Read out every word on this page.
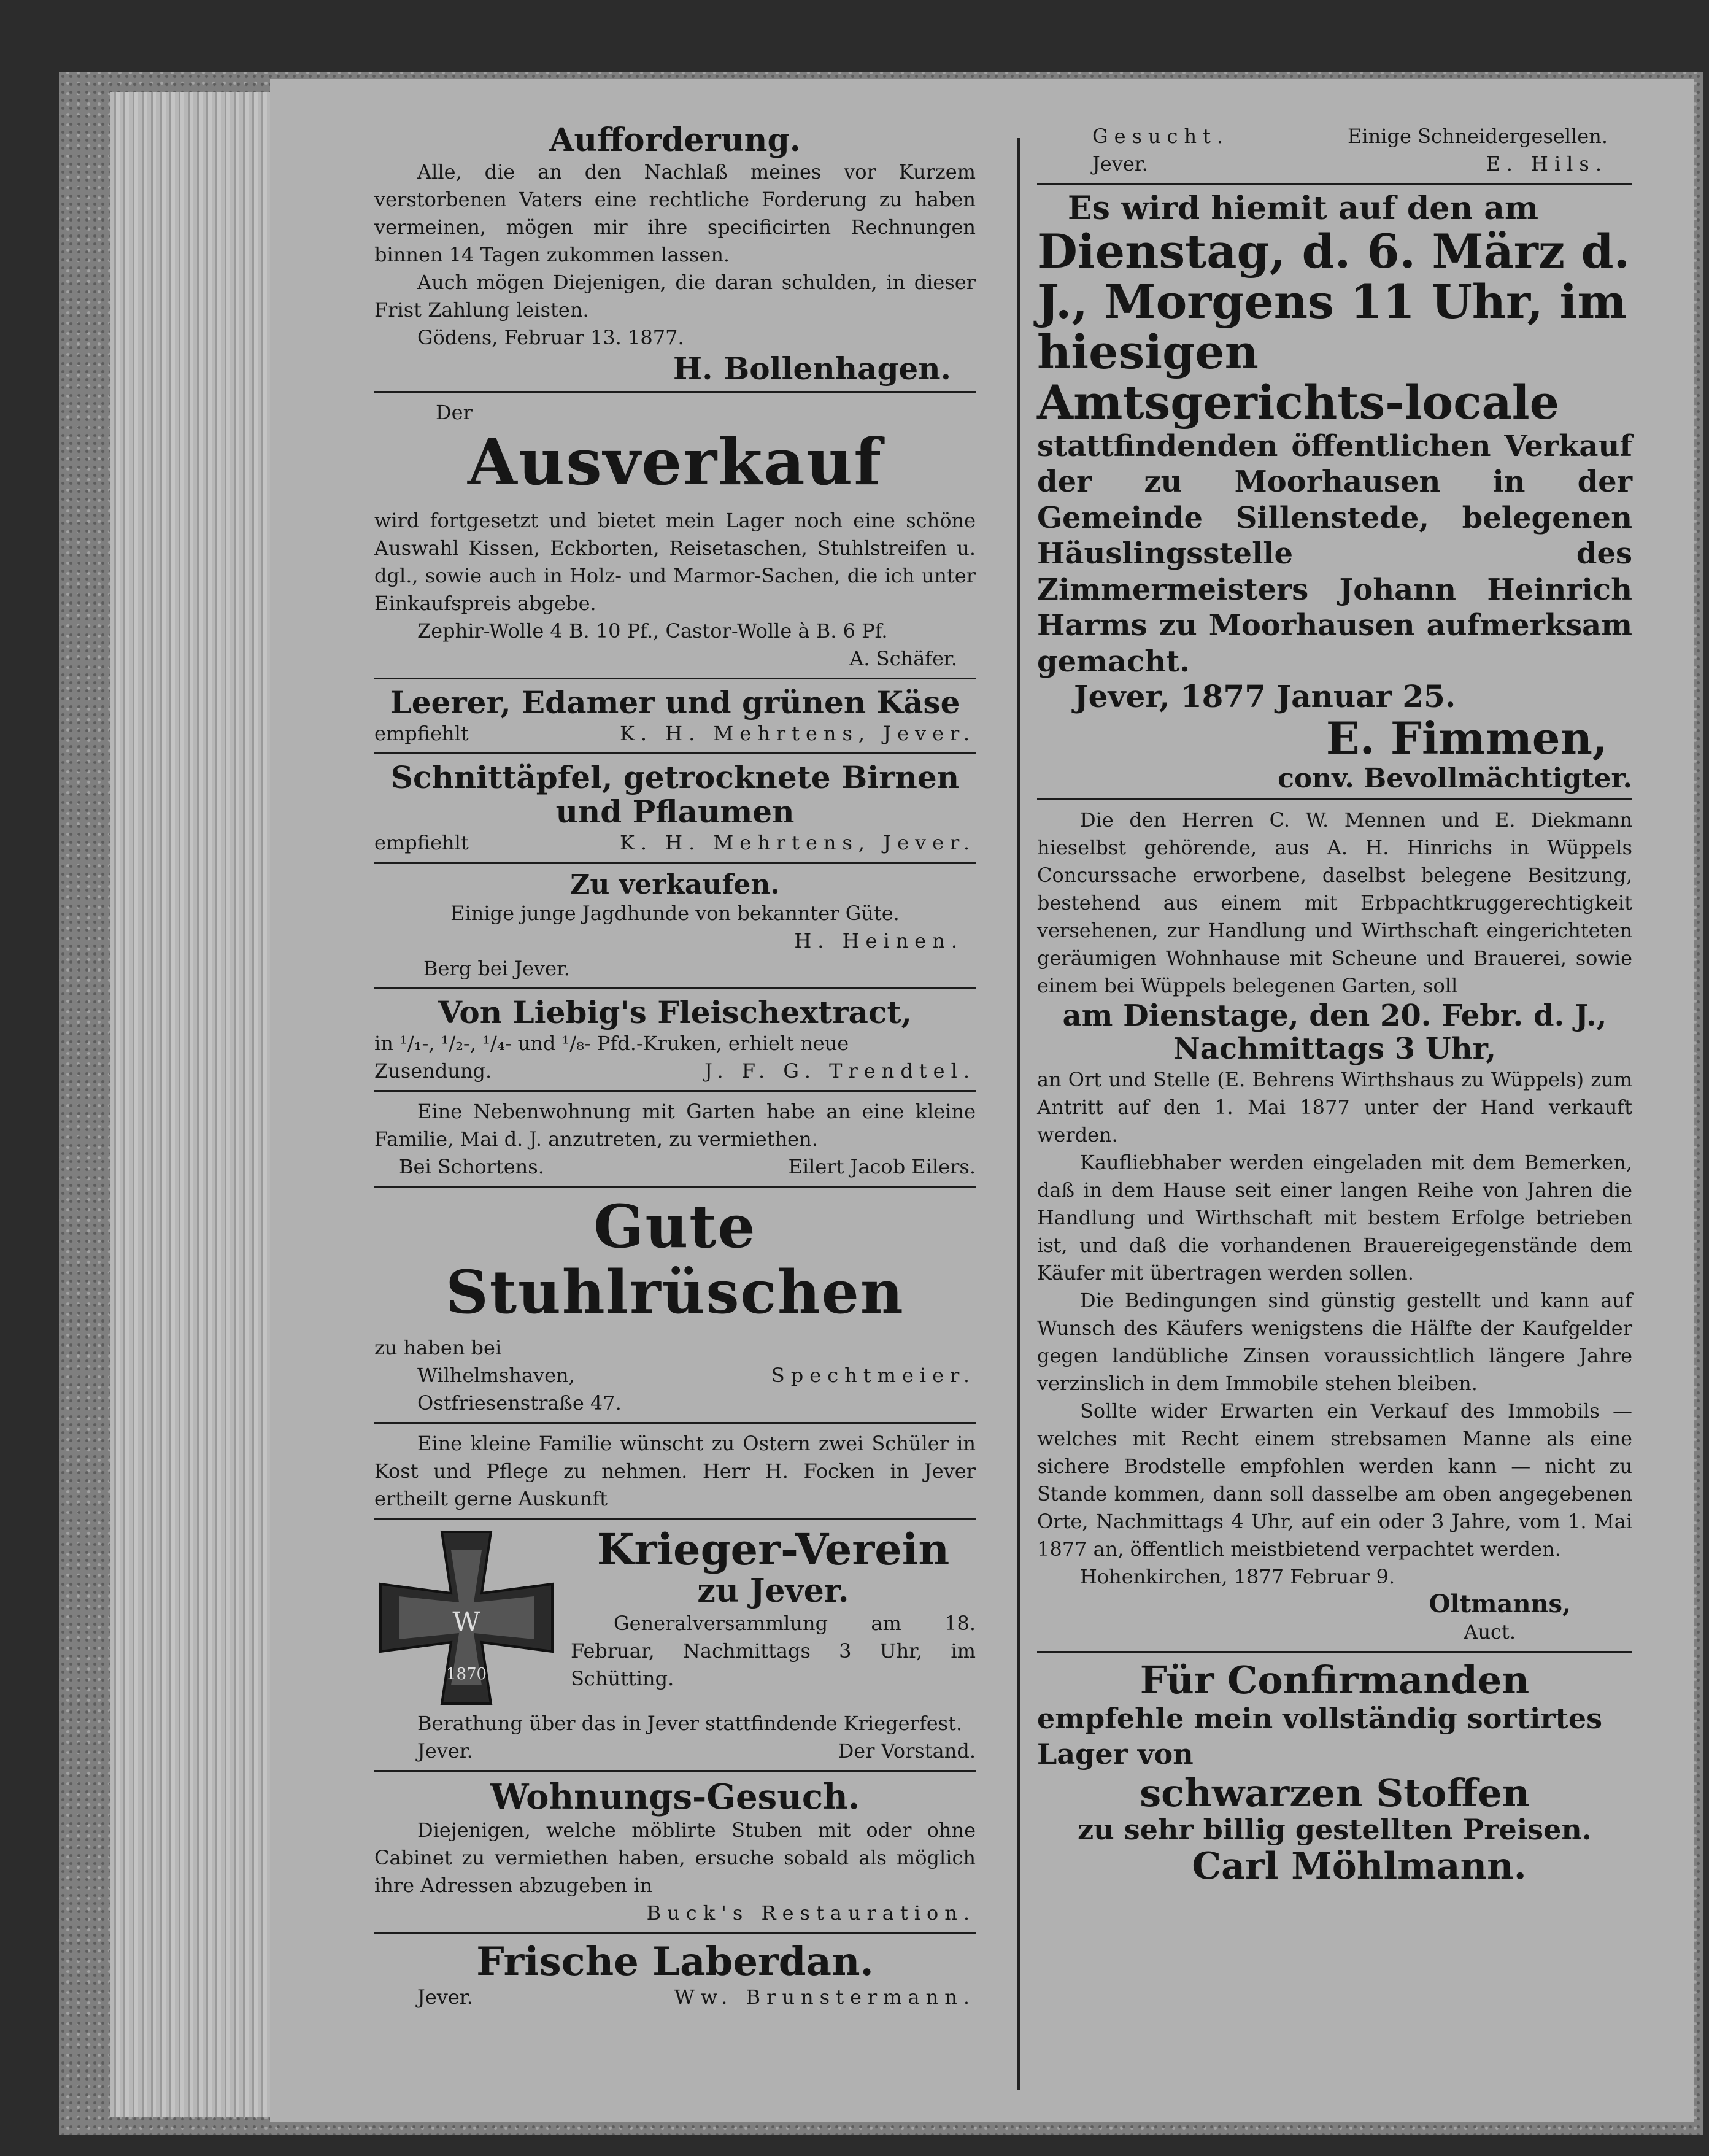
Aufforderung.
Alle, die an den Nachlaß meines vor Kurzem verstorbenen Vaters eine rechtliche Forderung zu haben vermeinen, mögen mir ihre specificirten Rechnungen binnen 14 Tagen zukommen lassen.
Auch mögen Diejenigen, die daran schulden, in dieser Frist Zahlung leisten.
Gödens, Februar 13. 1877.
H. Bollenhagen.
Der
Ausverkauf
wird fortgesetzt und bietet mein Lager noch eine schöne Auswahl Kissen, Eckborten, Reisetaschen, Stuhlstreifen u. dgl., sowie auch in Holz- und Marmor-Sachen, die ich unter Einkaufspreis abgebe.
Zephir-Wolle 4 B. 10 Pf., Castor-Wolle à B. 6 Pf.
A. Schäfer.
Leerer, Edamer und grünen Käse
empfiehlt	K. H. Mehrtens, Jever.
Schnittäpfel, getrocknete Birnen und Pflaumen
empfiehlt	K. H. Mehrtens, Jever.
Zu verkaufen.
Einige junge Jagdhunde von bekannter Güte.
H. Heinen.
Berg bei Jever.
Von Liebig's Fleischextract,
in ¹/₁-, ¹/₂-, ¹/₄- und ¹/₈- Pfd.-Kruken, erhielt neue
Zusendung.	J. F. G. Trendtel.
Eine Nebenwohnung mit Garten habe an eine kleine Familie, Mai d. J. anzutreten, zu vermiethen.
Bei Schortens.	Eilert Jacob Eilers.
Gute Stuhlrüschen
zu haben bei
Wilhelmshaven,	Spechtmeier.
Ostfriesenstraße 47.
Eine kleine Familie wünscht zu Ostern zwei Schüler in Kost und Pflege zu nehmen. Herr H. Focken in Jever ertheilt gerne Auskunft
W
1870
Krieger-Verein
zu Jever.
Generalversammlung am 18. Februar, Nachmittags 3 Uhr, im Schütting.
Berathung über das in Jever stattfindende Kriegerfest.
Jever.	Der Vorstand.
Wohnungs-Gesuch.
Diejenigen, welche möblirte Stuben mit oder ohne Cabinet zu vermiethen haben, ersuche sobald als möglich ihre Adressen abzugeben in
Buck's Restauration.
Frische Laberdan.
Jever.	Ww. Brunstermann.
Gesucht.	Einige Schneidergesellen.
Jever.	E. Hils.
Es wird hiemit auf den am
Dienstag, d. 6. März d. J., Morgens 11 Uhr, im hiesigen Amtsgerichts-locale
stattfindenden öffentlichen Verkauf der zu Moorhausen in der Gemeinde Sillenstede, belegenen Häuslingsstelle des Zimmermeisters Johann Heinrich Harms zu Moorhausen aufmerksam gemacht.
Jever, 1877 Januar 25.
E. Fimmen,
conv. Bevollmächtigter.
Die den Herren C. W. Mennen und E. Diekmann hieselbst gehörende, aus A. H. Hinrichs in Wüppels Concurssache erworbene, daselbst belegene Besitzung, bestehend aus einem mit Erbpachtkruggerechtigkeit versehenen, zur Handlung und Wirthschaft eingerichteten geräumigen Wohnhause mit Scheune und Brauerei, sowie einem bei Wüppels belegenen Garten, soll
am Dienstage, den 20. Febr. d. J.,
Nachmittags 3 Uhr,
an Ort und Stelle (E. Behrens Wirthshaus zu Wüppels) zum Antritt auf den 1. Mai 1877 unter der Hand verkauft werden.
Kaufliebhaber werden eingeladen mit dem Bemerken, daß in dem Hause seit einer langen Reihe von Jahren die Handlung und Wirthschaft mit bestem Erfolge betrieben ist, und daß die vorhandenen Brauereigegenstände dem Käufer mit übertragen werden sollen.
Die Bedingungen sind günstig gestellt und kann auf Wunsch des Käufers wenigstens die Hälfte der Kaufgelder gegen landübliche Zinsen voraussichtlich längere Jahre verzinslich in dem Immobile stehen bleiben.
Sollte wider Erwarten ein Verkauf des Immobils — welches mit Recht einem strebsamen Manne als eine sichere Brodstelle empfohlen werden kann — nicht zu Stande kommen, dann soll dasselbe am oben angegebenen Orte, Nachmittags 4 Uhr, auf ein oder 3 Jahre, vom 1. Mai 1877 an, öffentlich meistbietend verpachtet werden.
Hohenkirchen, 1877 Februar 9.
Oltmanns,
Auct.
Für Confirmanden
empfehle mein vollständig sortirtes Lager von
schwarzen Stoffen
zu sehr billig gestellten Preisen.
Carl Möhlmann.
